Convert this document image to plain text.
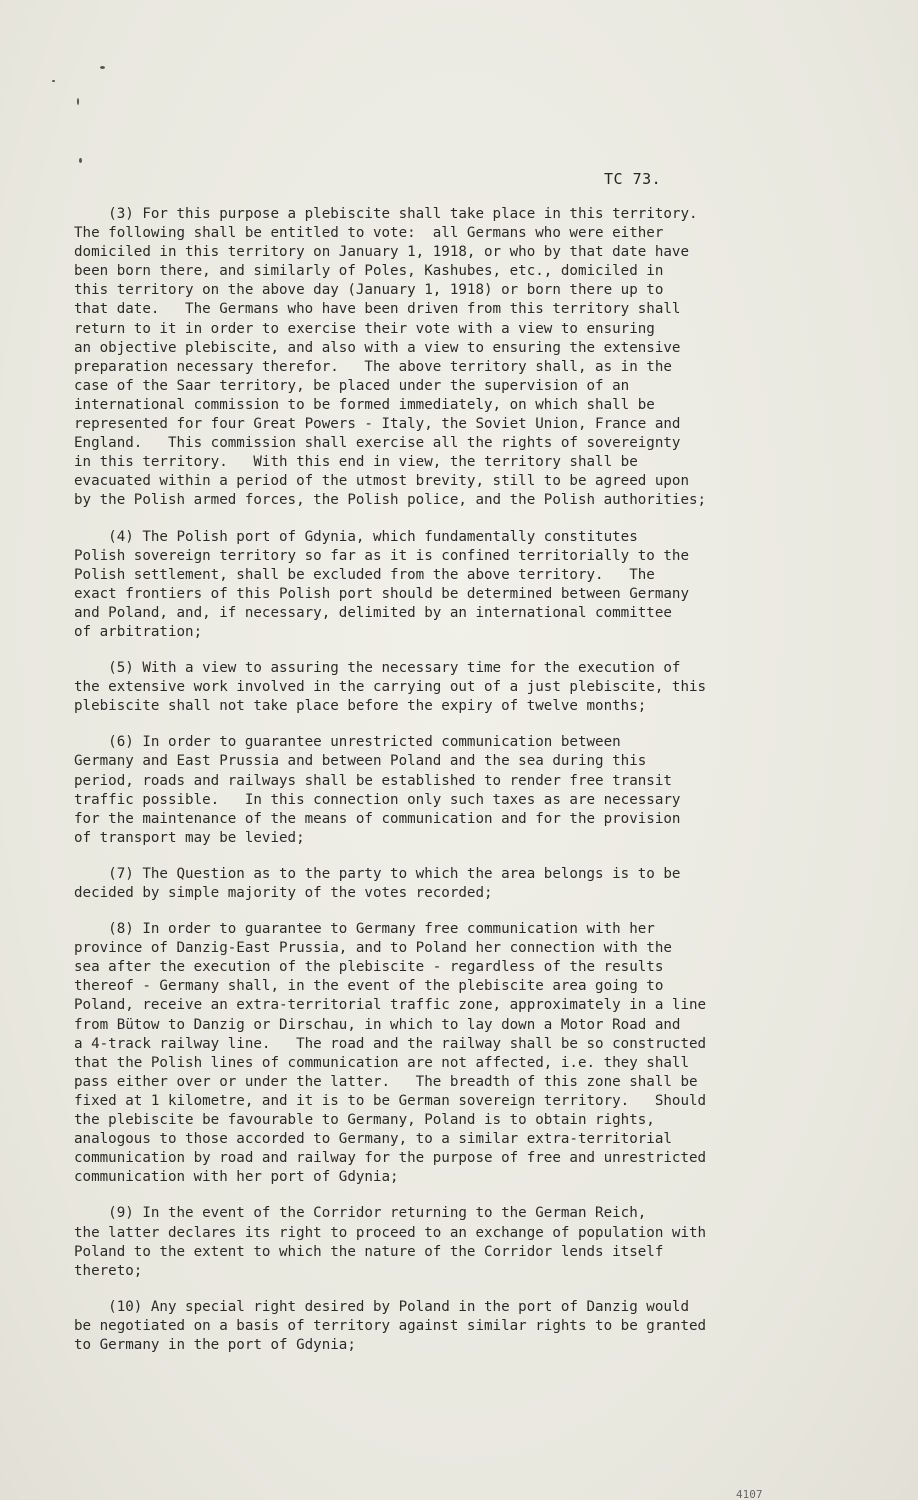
TC 73.
(3) For this purpose a plebiscite shall take place in this territory.
The following shall be entitled to vote:  all Germans who were either
domiciled in this territory on January 1, 1918, or who by that date have
been born there, and similarly of Poles, Kashubes, etc., domiciled in
this territory on the above day (January 1, 1918) or born there up to
that date.   The Germans who have been driven from this territory shall
return to it in order to exercise their vote with a view to ensuring
an objective plebiscite, and also with a view to ensuring the extensive
preparation necessary therefor.   The above territory shall, as in the
case of the Saar territory, be placed under the supervision of an
international commission to be formed immediately, on which shall be
represented for four Great Powers - Italy, the Soviet Union, France and
England.   This commission shall exercise all the rights of sovereignty
in this territory.   With this end in view, the territory shall be
evacuated within a period of the utmost brevity, still to be agreed upon
by the Polish armed forces, the Polish police, and the Polish authorities;
(4) The Polish port of Gdynia, which fundamentally constitutes
Polish sovereign territory so far as it is confined territorially to the
Polish settlement, shall be excluded from the above territory.   The
exact frontiers of this Polish port should be determined between Germany
and Poland, and, if necessary, delimited by an international committee
of arbitration;
(5) With a view to assuring the necessary time for the execution of
the extensive work involved in the carrying out of a just plebiscite, this
plebiscite shall not take place before the expiry of twelve months;
(6) In order to guarantee unrestricted communication between
Germany and East Prussia and between Poland and the sea during this
period, roads and railways shall be established to render free transit
traffic possible.   In this connection only such taxes as are necessary
for the maintenance of the means of communication and for the provision
of transport may be levied;
(7) The Question as to the party to which the area belongs is to be
decided by simple majority of the votes recorded;
(8) In order to guarantee to Germany free communication with her
province of Danzig-East Prussia, and to Poland her connection with the
sea after the execution of the plebiscite - regardless of the results
thereof - Germany shall, in the event of the plebiscite area going to
Poland, receive an extra-territorial traffic zone, approximately in a line
from Bütow to Danzig or Dirschau, in which to lay down a Motor Road and
a 4-track railway line.   The road and the railway shall be so constructed
that the Polish lines of communication are not affected, i.e. they shall
pass either over or under the latter.   The breadth of this zone shall be
fixed at 1 kilometre, and it is to be German sovereign territory.   Should
the plebiscite be favourable to Germany, Poland is to obtain rights,
analogous to those accorded to Germany, to a similar extra-territorial
communication by road and railway for the purpose of free and unrestricted
communication with her port of Gdynia;
(9) In the event of the Corridor returning to the German Reich,
the latter declares its right to proceed to an exchange of population with
Poland to the extent to which the nature of the Corridor lends itself
thereto;
(10) Any special right desired by Poland in the port of Danzig would
be negotiated on a basis of territory against similar rights to be granted
to Germany in the port of Gdynia;
4107
